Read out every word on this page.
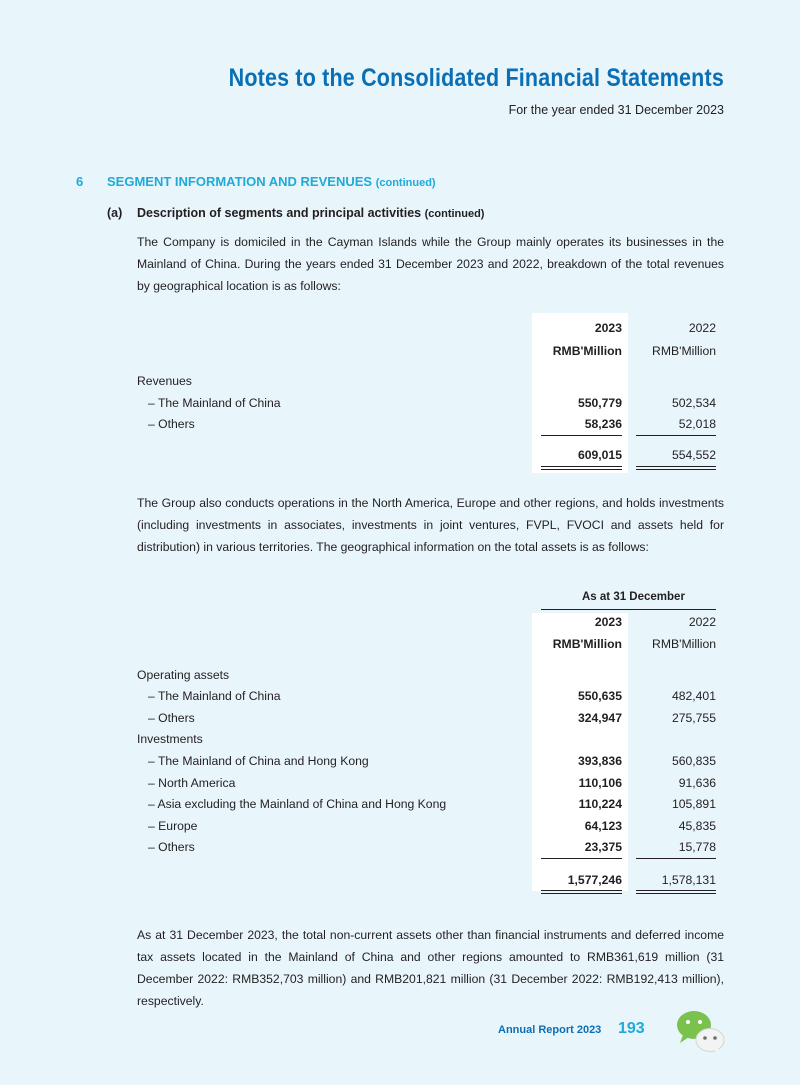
Notes to the Consolidated Financial Statements
For the year ended 31 December 2023
6 SEGMENT INFORMATION AND REVENUES (continued)
(a) Description of segments and principal activities (continued)
The Company is domiciled in the Cayman Islands while the Group mainly operates its businesses in the Mainland of China. During the years ended 31 December 2023 and 2022, breakdown of the total revenues by geographical location is as follows:
2023	2022
RMB'Million RMB'Million
Revenues
– The Mainland of China	550,779	502,534
– Others	58,236	52,018
609,015	554,552
The Group also conducts operations in the North America, Europe and other regions, and holds investments (including investments in associates, investments in joint ventures, FVPL, FVOCI and assets held for distribution) in various territories. The geographical information on the total assets is as follows:
As at 31 December
2023	2022
RMB'Million RMB'Million
Operating assets
– The Mainland of China	550,635	482,401
– Others	324,947	275,755
Investments
– The Mainland of China and Hong Kong	393,836	560,835
– North America	110,106	91,636
– Asia excluding the Mainland of China and Hong Kong	110,224	105,891
– Europe	64,123	45,835
– Others	23,375	15,778
1,577,246	1,578,131
As at 31 December 2023, the total non-current assets other than financial instruments and deferred income tax assets located in the Mainland of China and other regions amounted to RMB361,619 million (31 December 2022: RMB352,703 million) and RMB201,821 million (31 December 2022: RMB192,413 million), respectively.
Annual Report 2023 193
